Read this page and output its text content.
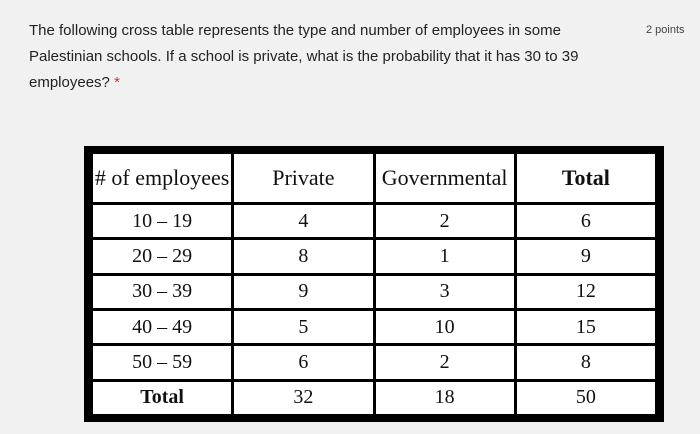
The following cross table represents the type and number of employees in some Palestinian schools. If a school is private, what is the probability that it has 30 to 39 employees? *
2 points
# of employees	Private	Governmental	Total
10 – 19	4	2	6
20 – 29	8	1	9
30 – 39	9	3	12
40 – 49	5	10	15
50 – 59	6	2	8
Total	32	18	50
